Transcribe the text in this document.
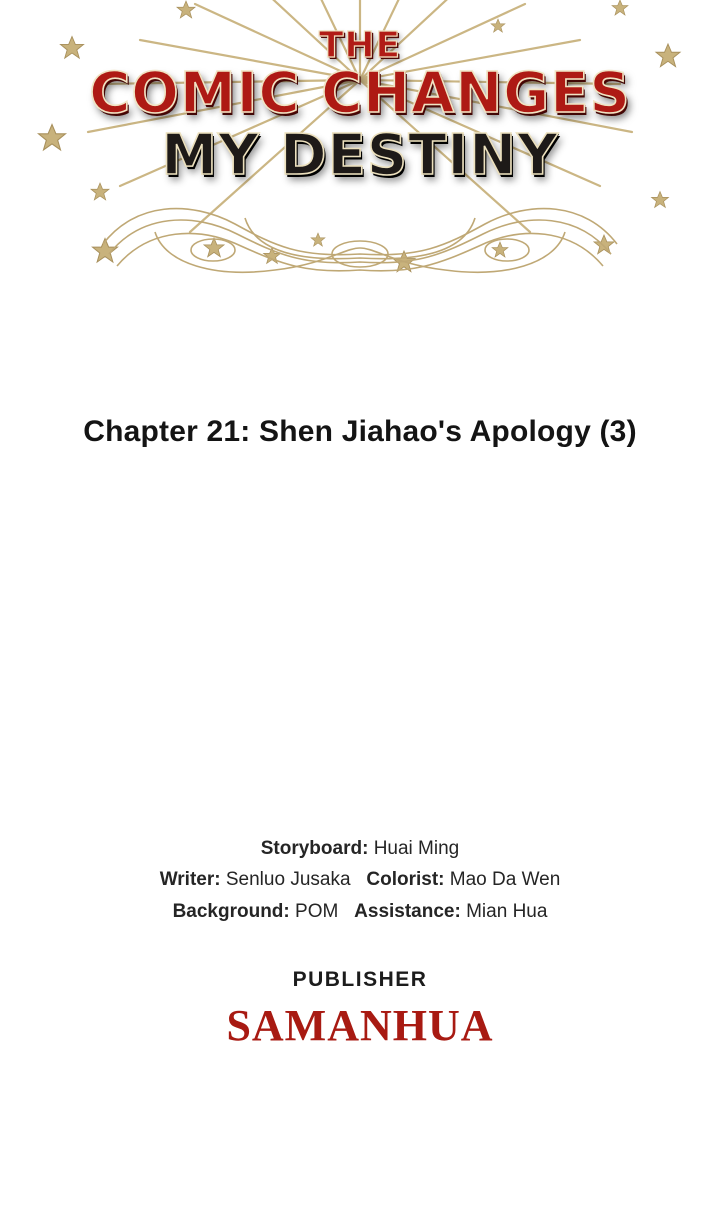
THE
COMIC CHANGES
MY DESTINY
Chapter 21: Shen Jiahao's Apology (3)
Storyboard: Huai Ming
Writer: Senluo Jusaka Colorist: Mao Da Wen
Background: POM Assistance: Mian Hua
PUBLISHER
SAMANHUA
